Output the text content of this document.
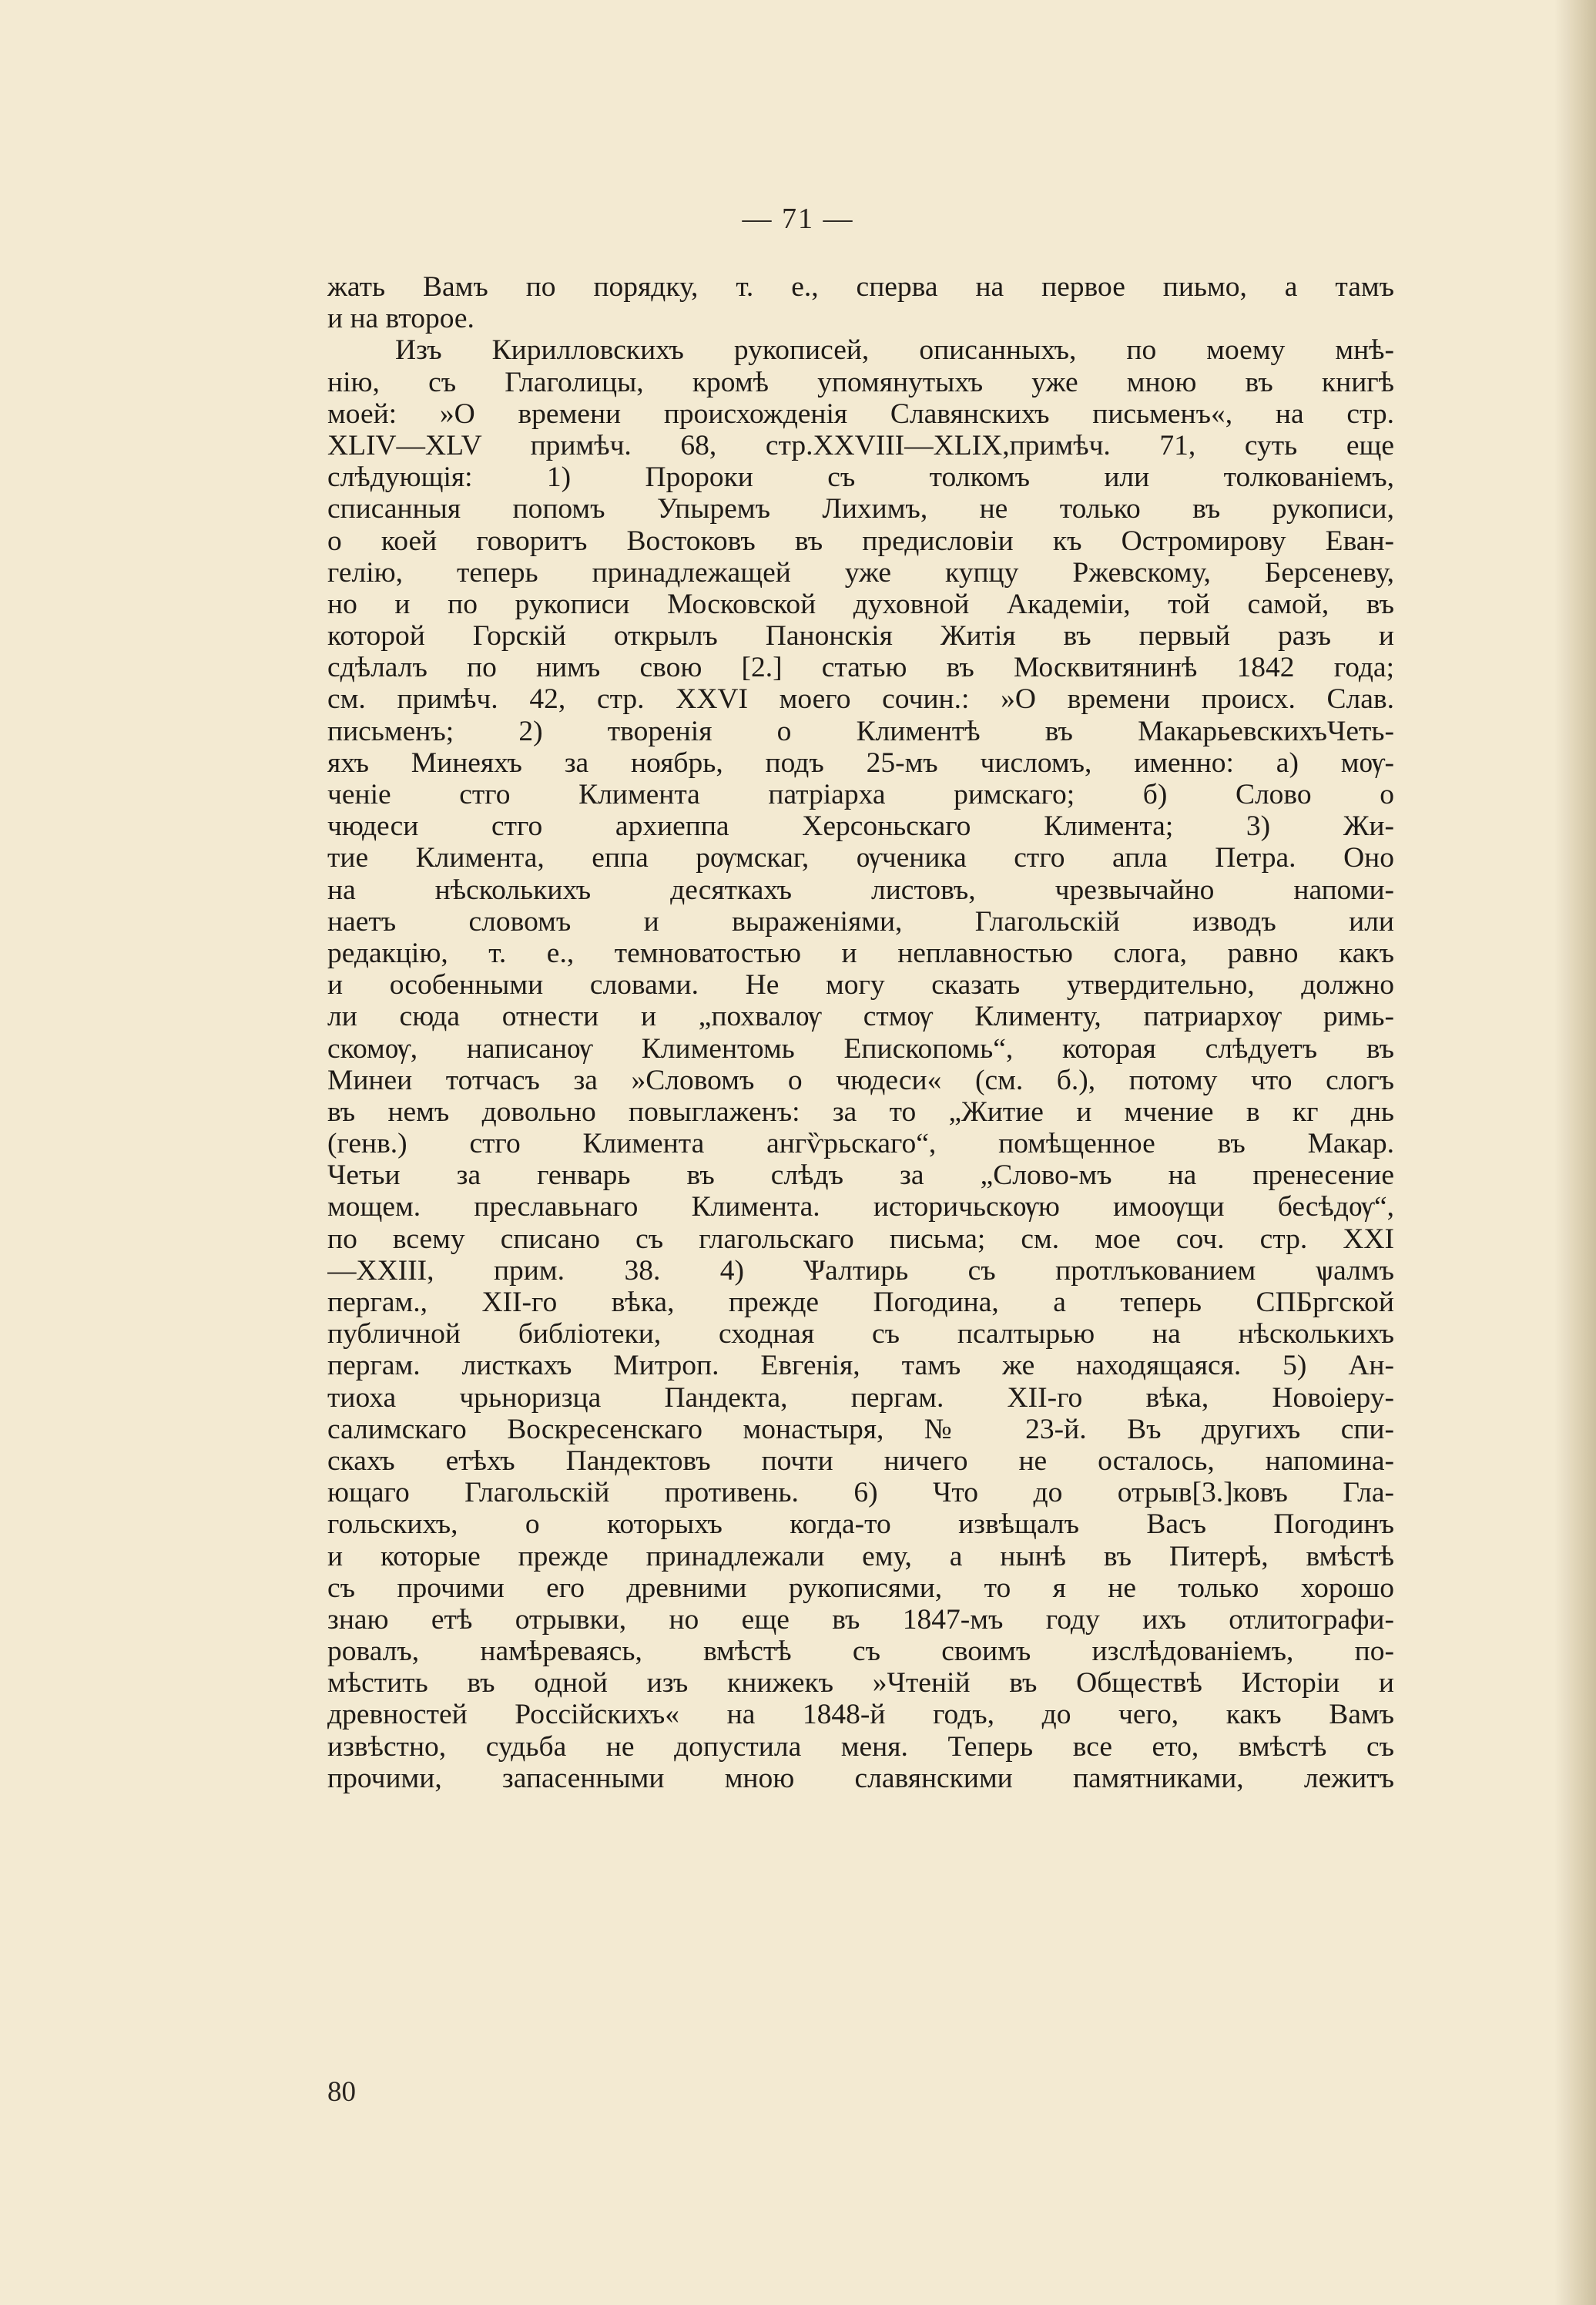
— 71 —
жать Вамъ по порядку, т. е., сперва на первое пиьмо, а тамъ
и на второе.
Изъ Кирилловскихъ рукописей, описанныхъ, по моему мнѣ-
нію, съ Глаголицы, кромѣ упомянутыхъ уже мною въ книгѣ
моей: »О времени происхожденія Славянскихъ письменъ«, на стр.
XLIV—XLV примѣч. 68, стр.XXVIII—XLIX,примѣч. 71, суть еще
слѣдующія: 1) Пророки съ толкомъ или толкованіемъ,
списанныя попомъ Упыремъ Лихимъ, не только въ рукописи,
о коей говоритъ Востоковъ въ предисловіи къ Остромирову Еван-
гелію, теперь принадлежащей уже купцу Ржевскому, Берсеневу,
но и по рукописи Московской духовной Академіи, той самой, въ
которой Горскій открылъ Панонскія Житія въ первый разъ и
сдѣлалъ по нимъ свою [2.] статью въ Москвитянинѣ 1842 года;
см. примѣч. 42, стр. XXVI моего сочин.: »О времени происх. Слав.
письменъ; 2) творенія о Климентѣ въ МакарьевскихъЧеть-
яхъ Минеяхъ за ноябрь, подъ 25-мъ числомъ, именно: а) мѹ-
ченіе стго Климента патріарха римскаго; б) Слово о
чюдеси стго архиеппа Херсоньскаго Климента; 3) Жи-
тие Климента, еппа рѹмскаг, ѹченика стго апла Петра. Оно
на нѣсколькихъ десяткахъ листовъ, чрезвычайно напоми-
наетъ словомъ и выраженіями, Глагольскій изводъ или
редакцію, т. е., темноватостью и неплавностью слога, равно какъ
и особенными словами. Не могу сказать утвердительно, должно
ли сюда отнести и „похвалѹ стмѹ Клименту, патриархѹ римь-
скомѹ, написанѹ Климентомь Епископомь“, которая слѣдуетъ въ
Минеи тотчасъ за »Словомъ о чюдеси« (см. б.), потому что слогъ
въ немъ довольно повыглаженъ: за то „Житие и мчение в кг днь
(генв.) стго Климента ангѷрьскаго“, помѣщенное въ Макар.
Четьи за генварь въ слѣдъ за „Слово-мъ на пренесение
мощем. преславьнаго Климента. историчьскѹю имоѹщи бесѣдѹ“,
по всему списано съ глагольскаго письма; см. мое соч. стр. XXI
—XXIII, прим. 38. 4) Ѱалтирь съ протлъкованием ѱалмъ
пергам., XII-го вѣка, прежде Погодина, а теперь СПБргской
публичной библіотеки, сходная съ псалтырью на нѣсколькихъ
пергам. листкахъ Митроп. Евгенія, тамъ же находящаяся. 5) Ан-
тиоха чрьноризца Пандекта, пергам. XII-го вѣка, Новоіеру-
салимскаго Воскресенскаго монастыря, № 23-й. Въ другихъ спи-
скахъ етѣхъ Пандектовъ почти ничего не осталось, напомина-
ющаго Глагольскій противень. 6) Что до отрыв[3.]ковъ Гла-
гольскихъ, о которыхъ когда-то извѣщалъ Васъ Погодинъ
и которые прежде принадлежали ему, а нынѣ въ Питерѣ, вмѣстѣ
съ прочими его древними рукописями, то я не только хорошо
знаю етѣ отрывки, но еще въ 1847-мъ году ихъ отлитографи-
ровалъ, намѣреваясь, вмѣстѣ съ своимъ изслѣдованіемъ, по-
мѣстить въ одной изъ книжекъ »Чтеній въ Обществѣ Исторіи и
древностей Россійскихъ« на 1848-й годъ, до чего, какъ Вамъ
извѣстно, судьба не допустила меня. Теперь все ето, вмѣстѣ съ
прочими, запасенными мною славянскими памятниками, лежитъ
80
